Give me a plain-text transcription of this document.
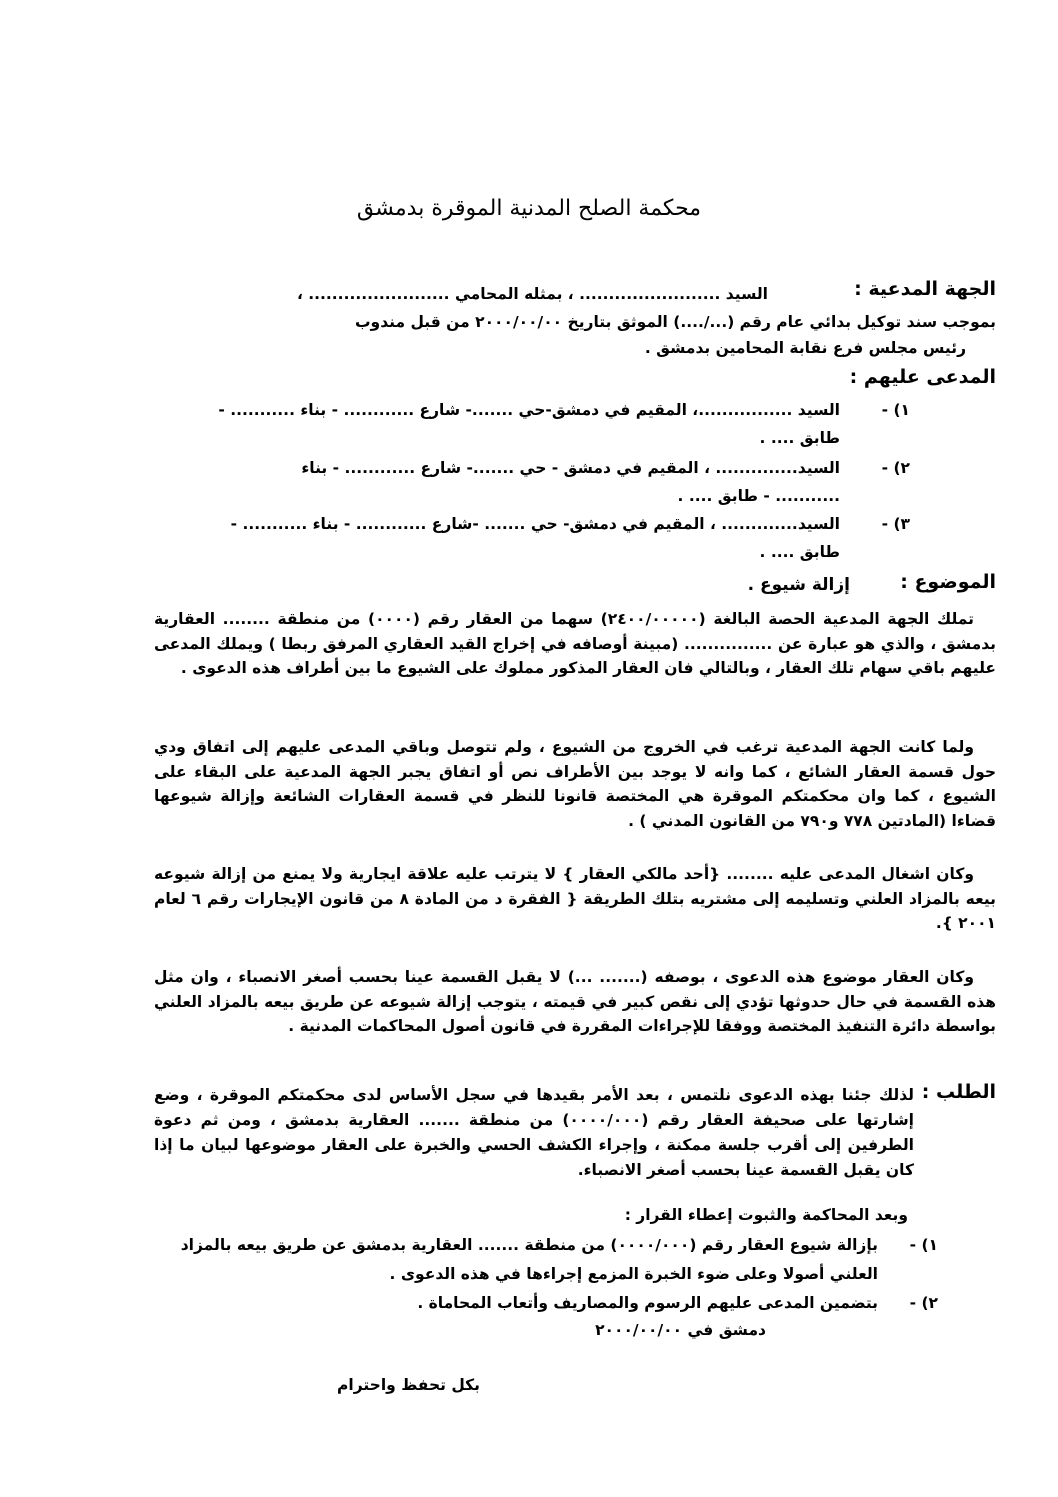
محكمة الصلح المدنية الموقرة بدمشق
الجهة المدعية :
السيد ........................ ، بمثله المحامي ........................ ،
بموجب سند توكيل بدائي عام رقم (.../....) الموثق بتاريخ ٢٠٠٠/٠٠/٠٠ من قبل مندوب
رئيس مجلس فرع نقابة المحامين بدمشق .
المدعى عليهم :
١) -
السيد ................، المقيم في دمشق-حي .......- شارع ............ - بناء ........... -
طابق .... .
٢) -
السيد.............. ، المقيم في دمشق - حي .......- شارع ............ - بناء
........... - طابق .... .
٣) -
السيد............. ، المقيم في دمشق- حي ....... -شارع ............ - بناء ........... -
طابق .... .
الموضوع :
إزالة شيوع .
تملك الجهة المدعية الحصة البالغة (٢٤٠٠/٠٠٠٠٠) سهما من العقار رقم (٠٠٠٠) من منطقة ........ العقارية بدمشق ، والذي هو عبارة عن ............... (مبينة أوصافه في إخراج القيد العقاري المرفق ربطا ) ويملك المدعى عليهم باقي سهام تلك العقار ، وبالتالي فان العقار المذكور مملوك على الشيوع ما بين أطراف هذه الدعوى .
ولما كانت الجهة المدعية ترغب في الخروج من الشيوع ، ولم تتوصل وباقي المدعى عليهم إلى اتفاق ودي حول قسمة العقار الشائع ، كما وانه لا يوجد بين الأطراف نص أو اتفاق يجبر الجهة المدعية على البقاء على الشيوع ، كما وان محكمتكم الموقرة هي المختصة قانونا للنظر في قسمة العقارات الشائعة وإزالة شيوعها قضاءا (المادتين ٧٧٨ و٧٩٠ من القانون المدني ) .
وكان اشغال المدعى عليه ........ {أحد مالكي العقار } لا يترتب عليه علاقة ايجارية ولا يمنع من إزالة شيوعه بيعه بالمزاد العلني وتسليمه إلى مشتريه بتلك الطريقة { الفقرة د من المادة ٨ من قانون الإيجارات رقم ٦ لعام ٢٠٠١ }.
وكان العقار موضوع هذه الدعوى ، بوصفه (....... ...) لا يقبل القسمة عينا بحسب أصغر الانصباء ، وان مثل هذه القسمة في حال حدوثها تؤدي إلى نقص كبير في قيمته ، يتوجب إزالة شيوعه عن طريق بيعه بالمزاد العلني بواسطة دائرة التنفيذ المختصة ووفقا للإجراءات المقررة في قانون أصول المحاكمات المدنية .
الطلب :
لذلك جئنا بهذه الدعوى نلتمس ، بعد الأمر بقيدها في سجل الأساس لدى محكمتكم الموقرة ، وضع إشارتها على صحيفة العقار رقم (٠٠٠٠/٠٠٠) من منطقة ....... العقارية بدمشق ، ومن ثم دعوة الطرفين إلى أقرب جلسة ممكنة ، وإجراء الكشف الحسي والخبرة على العقار موضوعها لبيان ما إذا كان يقبل القسمة عينا بحسب أصغر الانصباء.
وبعد المحاكمة والثبوت إعطاء القرار :
١) -
بإزالة شيوع العقار رقم (٠٠٠٠/٠٠٠) من منطقة ....... العقارية بدمشق عن طريق بيعه بالمزاد
العلني أصولا وعلى ضوء الخبرة المزمع إجراءها في هذه الدعوى .
٢) -
بتضمين المدعى عليهم الرسوم والمصاريف وأتعاب المحاماة .
دمشق في ٢٠٠٠/٠٠/٠٠
بكل تحفظ واحترام
